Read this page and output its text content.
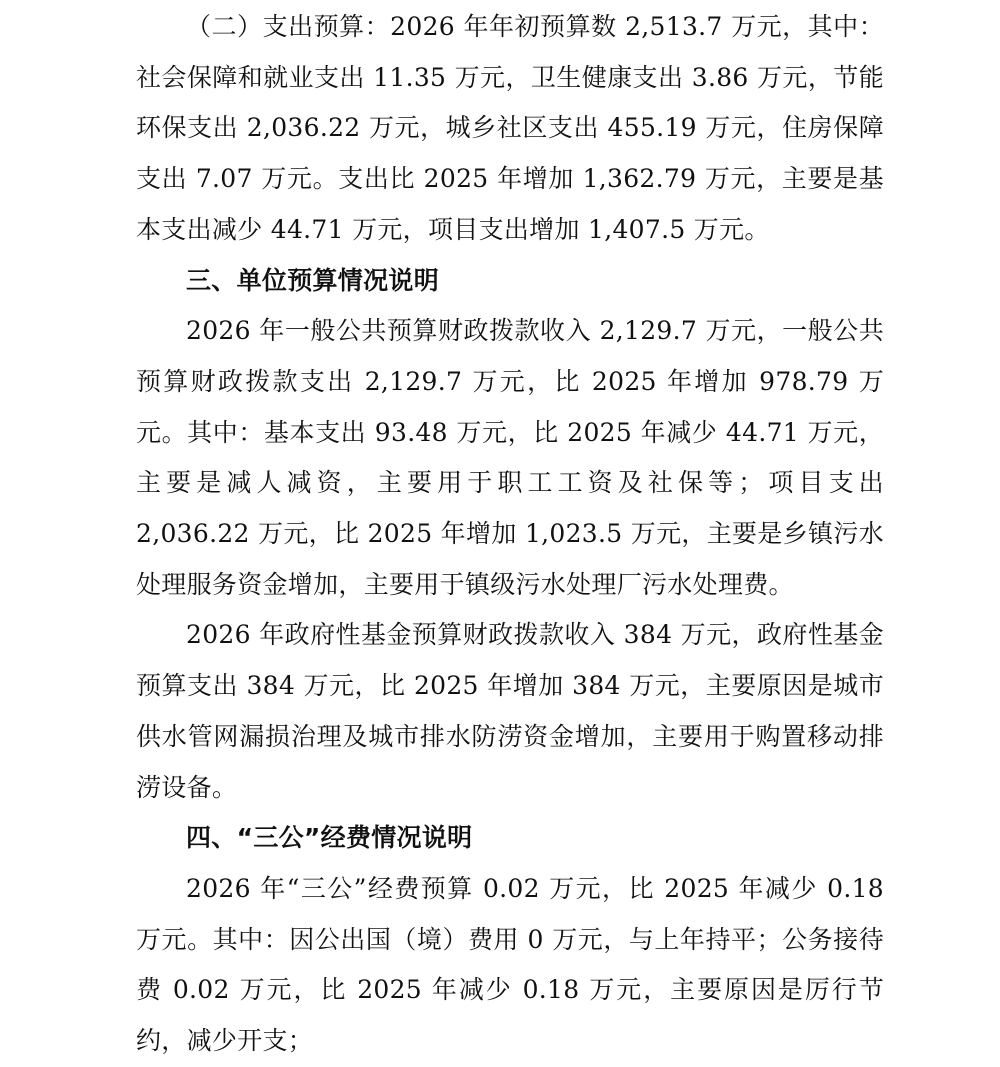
（二）支出预算：2026 年年初预算数 2,513.7 万元，其中：社会保障和就业支出 11.35 万元，卫生健康支出 3.86 万元，节能环保支出 2,036.22 万元，城乡社区支出 455.19 万元，住房保障支出 7.07 万元。支出比 2025 年增加 1,362.79 万元，主要是基本支出减少 44.71 万元，项目支出增加 1,407.5 万元。

三、单位预算情况说明

2026 年一般公共预算财政拨款收入 2,129.7 万元，一般公共预算财政拨款支出 2,129.7 万元，比 2025 年增加 978.79 万元。其中：基本支出 93.48 万元，比 2025 年减少 44.71 万元，主要是减人减资，主要用于职工工资及社保等；项目支出 2,036.22 万元，比 2025 年增加 1,023.5 万元，主要是乡镇污水处理服务资金增加，主要用于镇级污水处理厂污水处理费。

2026 年政府性基金预算财政拨款收入 384 万元，政府性基金预算支出 384 万元，比 2025 年增加 384 万元，主要原因是城市供水管网漏损治理及城市排水防涝资金增加，主要用于购置移动排涝设备。

四、“三公”经费情况说明

2026 年“三公”经费预算 0.02 万元，比 2025 年减少 0.18 万元。其中：因公出国（境）费用 0 万元，与上年持平；公务接待费 0.02 万元，比 2025 年减少 0.18 万元，主要原因是厉行节约，减少开支；
